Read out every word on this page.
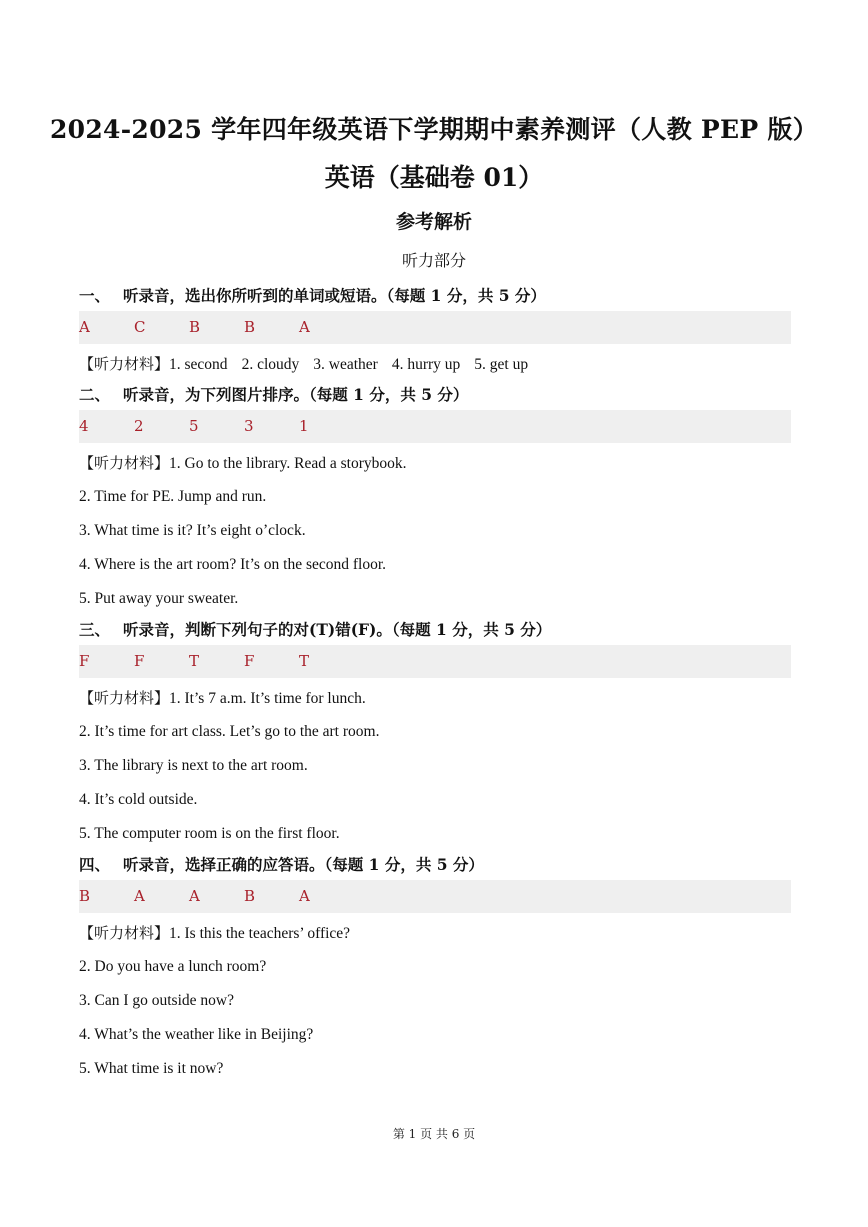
2024-2025 学年四年级英语下学期期中素养测评（人教 PEP 版）
英语（基础卷 01）
参考解析
听力部分
一、 听录音，选出你所听到的单词或短语。（每题 1 分，共 5 分）
A	C	B	B	A
【听力材料】1. second 2. cloudy 3. weather 4. hurry up 5. get up
二、 听录音，为下列图片排序。（每题 1 分，共 5 分）
4	2	5	3	1
【听力材料】1. Go to the library. Read a storybook.
2. Time for PE. Jump and run.
3. What time is it? It’s eight o’clock.
4. Where is the art room? It’s on the second floor.
5. Put away your sweater.
三、 听录音，判断下列句子的对(T)错(F)。（每题 1 分，共 5 分）
F	F	T	F	T
【听力材料】1. It’s 7 a.m. It’s time for lunch.
2. It’s time for art class. Let’s go to the art room.
3. The library is next to the art room.
4. It’s cold outside.
5. The computer room is on the first floor.
四、 听录音，选择正确的应答语。（每题 1 分，共 5 分）
B	A	A	B	A
【听力材料】1. Is this the teachers’ office?
2. Do you have a lunch room?
3. Can I go outside now?
4. What’s the weather like in Beijing?
5. What time is it now?
第 1 页 共 6 页
